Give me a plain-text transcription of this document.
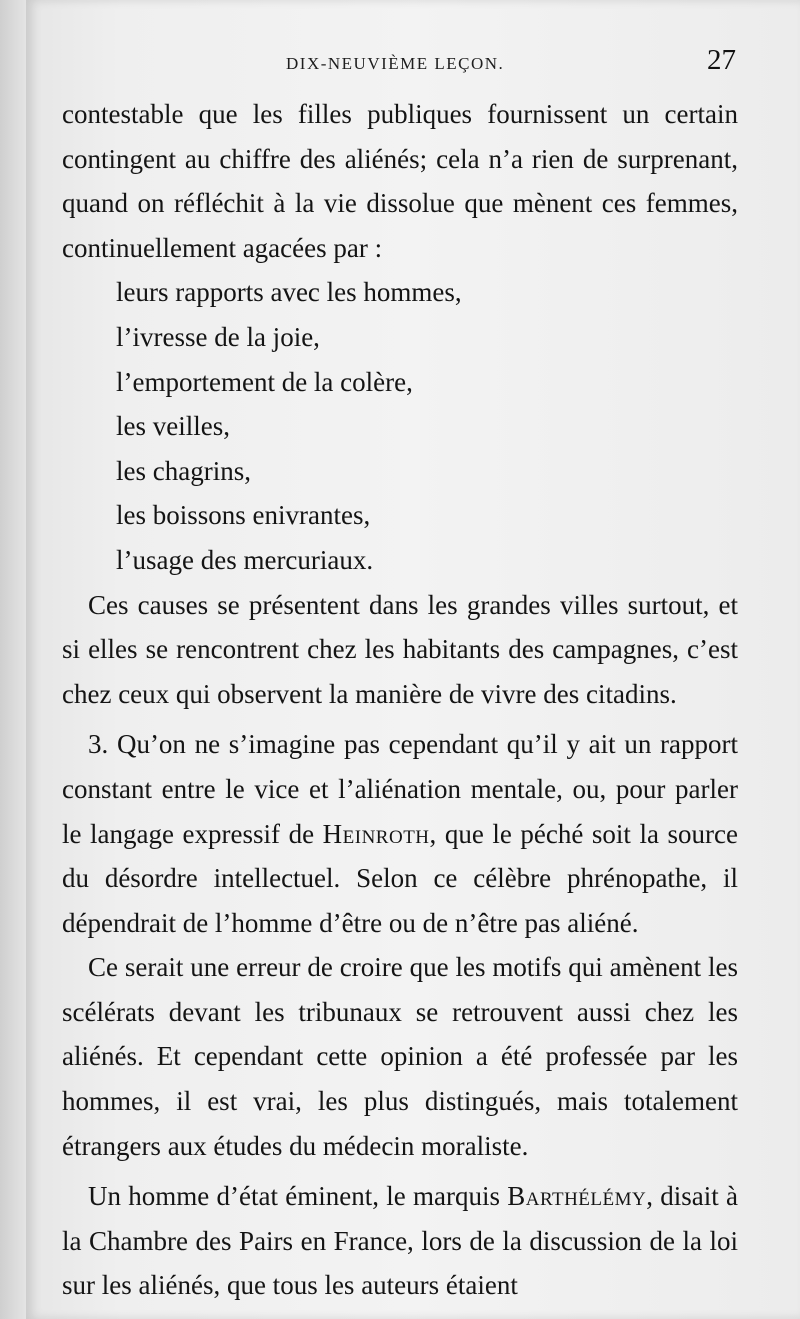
DIX-NEUVIÈME LEÇON.	27

contestable que les filles publiques fournissent un certain contingent au chiffre des aliénés; cela n’a rien de surprenant, quand on réfléchit à la vie dissolue que mènent ces femmes, continuellement agacées par :

leurs rapports avec les hommes,
l’ivresse de la joie,
l’emportement de la colère,
les veilles,
les chagrins,
les boissons enivrantes,
l’usage des mercuriaux.

Ces causes se présentent dans les grandes villes surtout, et si elles se rencontrent chez les habitants des campagnes, c’est chez ceux qui observent la manière de vivre des citadins.

3. Qu’on ne s’imagine pas cependant qu’il y ait un rapport constant entre le vice et l’aliénation mentale, ou, pour parler le langage expressif de Heinroth, que le péché soit la source du désordre intellectuel. Selon ce célèbre phrénopathe, il dépendrait de l’homme d’être ou de n’être pas aliéné.

Ce serait une erreur de croire que les motifs qui amènent les scélérats devant les tribunaux se retrouvent aussi chez les aliénés. Et cependant cette opinion a été professée par les hommes, il est vrai, les plus distingués, mais totalement étrangers aux études du médecin moraliste.

Un homme d’état éminent, le marquis Barthélémy, disait à la Chambre des Pairs en France, lors de la discussion de la loi sur les aliénés, que tous les auteurs étaient
